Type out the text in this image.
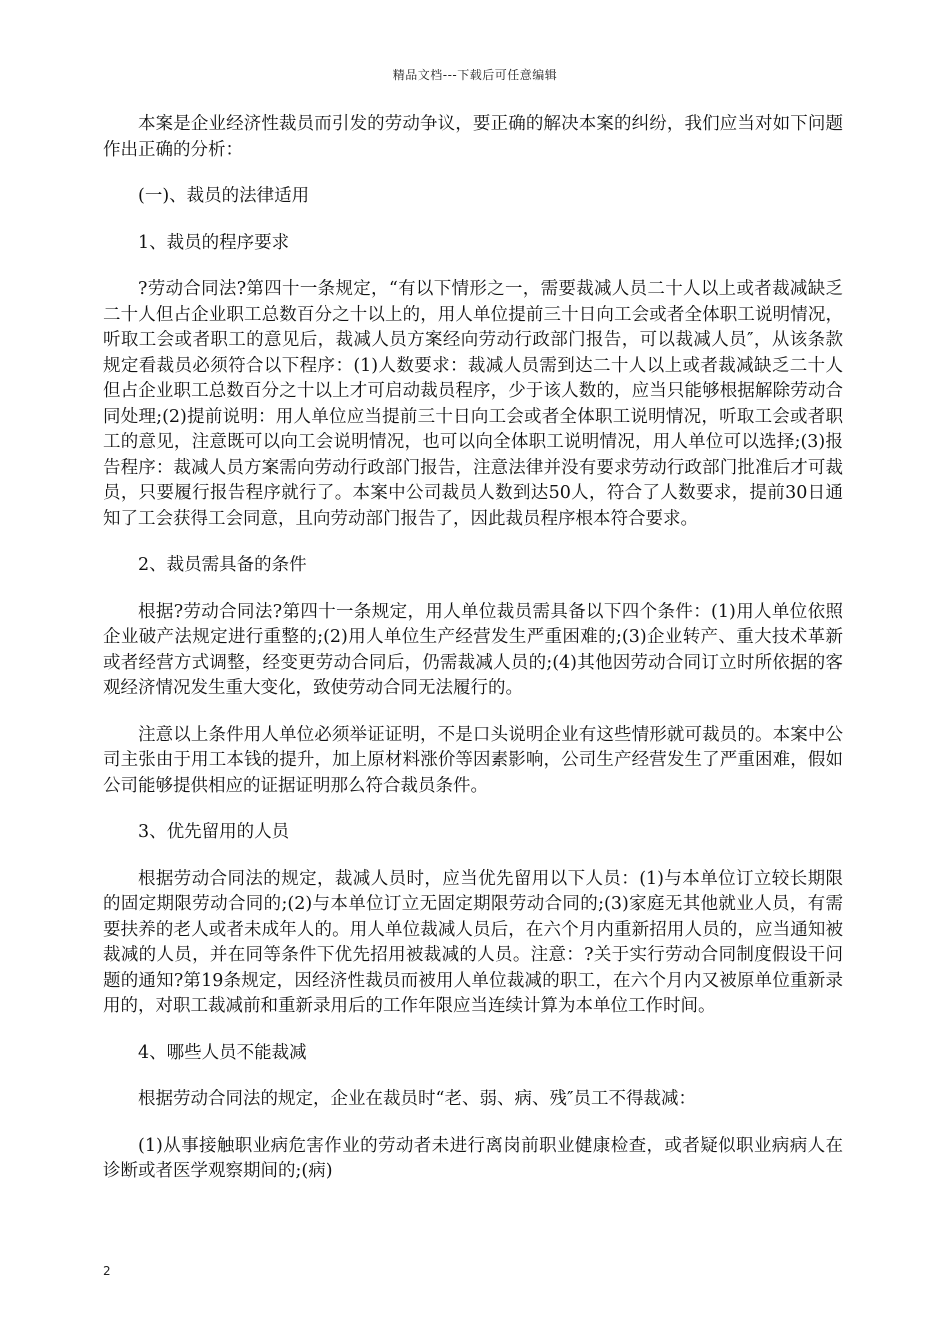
精品文档---下载后可任意编辑

本案是企业经济性裁员而引发的劳动争议，要正确的解决本案的纠纷，我们应当对如下问题作出正确的分析：

(一)、裁员的法律适用

1、裁员的程序要求

?劳动合同法?第四十一条规定，“有以下情形之一，需要裁减人员二十人以上或者裁减缺乏二十人但占企业职工总数百分之十以上的，用人单位提前三十日向工会或者全体职工说明情况，听取工会或者职工的意见后，裁减人员方案经向劳动行政部门报告，可以裁减人员″，从该条款规定看裁员必须符合以下程序：(1)人数要求：裁减人员需到达二十人以上或者裁减缺乏二十人但占企业职工总数百分之十以上才可启动裁员程序，少于该人数的，应当只能够根据解除劳动合同处理;(2)提前说明：用人单位应当提前三十日向工会或者全体职工说明情况，听取工会或者职工的意见，注意既可以向工会说明情况，也可以向全体职工说明情况，用人单位可以选择;(3)报告程序：裁减人员方案需向劳动行政部门报告，注意法律并没有要求劳动行政部门批准后才可裁员，只要履行报告程序就行了。本案中公司裁员人数到达50人，符合了人数要求，提前30日通知了工会获得工会同意，且向劳动部门报告了，因此裁员程序根本符合要求。

2、裁员需具备的条件

根据?劳动合同法?第四十一条规定，用人单位裁员需具备以下四个条件：(1)用人单位依照企业破产法规定进行重整的;(2)用人单位生产经营发生严重困难的;(3)企业转产、重大技术革新或者经营方式调整，经变更劳动合同后，仍需裁减人员的;(4)其他因劳动合同订立时所依据的客观经济情况发生重大变化，致使劳动合同无法履行的。

注意以上条件用人单位必须举证证明，不是口头说明企业有这些情形就可裁员的。本案中公司主张由于用工本钱的提升，加上原材料涨价等因素影响，公司生产经营发生了严重困难，假如公司能够提供相应的证据证明那么符合裁员条件。

3、优先留用的人员

根据劳动合同法的规定，裁减人员时，应当优先留用以下人员：(1)与本单位订立较长期限的固定期限劳动合同的;(2)与本单位订立无固定期限劳动合同的;(3)家庭无其他就业人员，有需要扶养的老人或者未成年人的。用人单位裁减人员后，在六个月内重新招用人员的，应当通知被裁减的人员，并在同等条件下优先招用被裁减的人员。注意：?关于实行劳动合同制度假设干问题的通知?第19条规定，因经济性裁员而被用人单位裁减的职工，在六个月内又被原单位重新录用的，对职工裁减前和重新录用后的工作年限应当连续计算为本单位工作时间。

4、哪些人员不能裁减

根据劳动合同法的规定，企业在裁员时“老、弱、病、残″员工不得裁减：

(1)从事接触职业病危害作业的劳动者未进行离岗前职业健康检查，或者疑似职业病病人在诊断或者医学观察期间的;(病)

2
